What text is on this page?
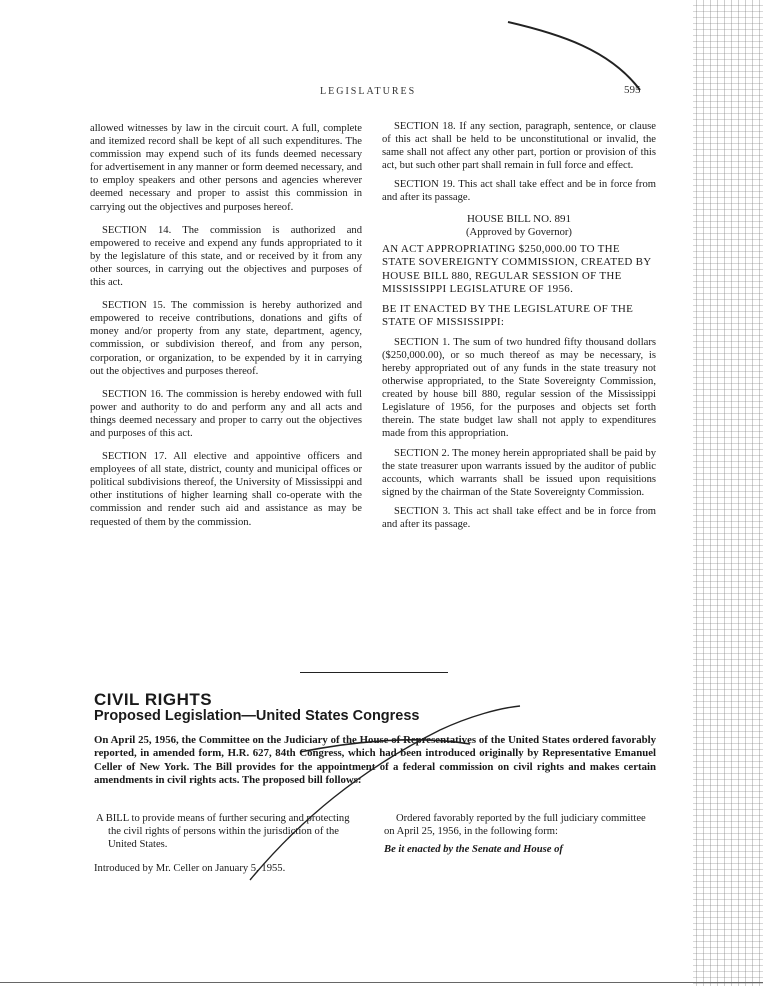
LEGISLATURES	595

allowed witnesses by law in the circuit court. A full, complete and itemized record shall be kept of all such expenditures. The commission may expend such of its funds deemed necessary for advertisement in any manner or form deemed necessary, and to employ speakers and other persons and agencies wherever deemed necessary and proper to assist this commission in carrying out the objectives and purposes hereof.

SECTION 14. The commission is authorized and empowered to receive and expend any funds appropriated to it by the legislature of this state, and or received by it from any other sources, in carrying out the objectives and purposes of this act.

SECTION 15. The commission is hereby authorized and empowered to receive contributions, donations and gifts of money and/or property from any state, department, agency, commission, or subdivision thereof, and from any person, corporation, or organization, to be expended by it in carrying out the objectives and purposes thereof.

SECTION 16. The commission is hereby endowed with full power and authority to do and perform any and all acts and things deemed necessary and proper to carry out the objectives and purposes of this act.

SECTION 17. All elective and appointive officers and employees of all state, district, county and municipal offices or political subdivisions thereof, the University of Mississippi and other institutions of higher learning shall co-operate with the commission and render such aid and assistance as may be requested of them by the commission.

SECTION 18. If any section, paragraph, sentence, or clause of this act shall be held to be unconstitutional or invalid, the same shall not affect any other part, portion or provision of this act, but such other part shall remain in full force and effect.

SECTION 19. This act shall take effect and be in force from and after its passage.

HOUSE BILL NO. 891

(Approved by Governor)

AN ACT APPROPRIATING $250,000.00 TO THE STATE SOVEREIGNTY COMMISSION, CREATED BY HOUSE BILL 880, REGULAR SESSION OF THE MISSISSIPPI LEGISLATURE OF 1956.

BE IT ENACTED BY THE LEGISLATURE OF THE STATE OF MISSISSIPPI:

SECTION 1. The sum of two hundred fifty thousand dollars ($250,000.00), or so much thereof as may be necessary, is hereby appropriated out of any funds in the state treasury not otherwise appropriated, to the State Sovereignty Commission, created by house bill 880, regular session of the Mississippi Legislature of 1956, for the purposes and objects set forth therein. The state budget law shall not apply to expenditures made from this appropriation.

SECTION 2. The money herein appropriated shall be paid by the state treasurer upon warrants issued by the auditor of public accounts, which warrants shall be issued upon requisitions signed by the chairman of the State Sovereignty Commission.

SECTION 3. This act shall take effect and be in force from and after its passage.

CIVIL RIGHTS
Proposed Legislation—United States Congress
On April 25, 1956, the Committee on the Judiciary of the House of Representatives of the United States ordered favorably reported, in amended form, H.R. 627, 84th Congress, which had been introduced originally by Representative Emanuel Celler of New York. The Bill provides for the appointment of a federal commission on civil rights and makes certain amendments in civil rights acts. The proposed bill follows:

A BILL to provide means of further securing and protecting the civil rights of persons within the jurisdiction of the United States.

Introduced by Mr. Celler on January 5, 1955.

Ordered favorably reported by the full judiciary committee on April 25, 1956, in the following form:

Be it enacted by the Senate and House of
